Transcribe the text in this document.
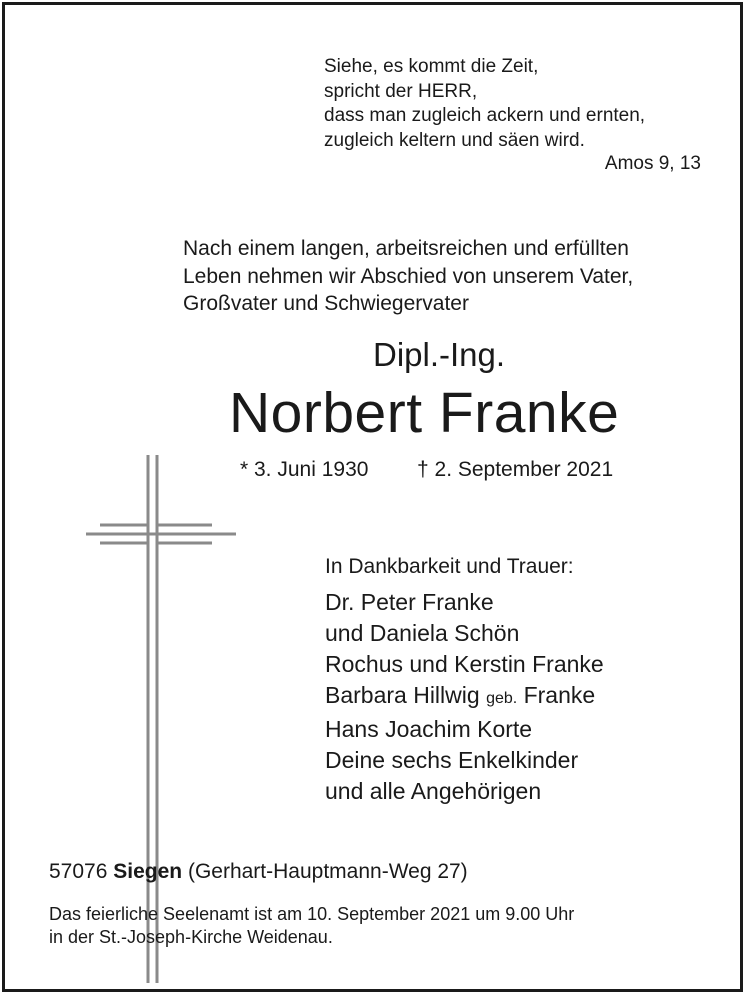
Siehe, es kommt die Zeit,
spricht der HERR,
dass man zugleich ackern und ernten,
zugleich keltern und säen wird.
Amos 9, 13
Nach einem langen, arbeitsreichen und erfüllten
Leben nehmen wir Abschied von unserem Vater,
Großvater und Schwiegervater
Dipl.-Ing.
Norbert Franke
* 3. Juni 1930 † 2. September 2021
In Dankbarkeit und Trauer:
Dr. Peter Franke
und Daniela Schön
Rochus und Kerstin Franke
Barbara Hillwig geb. Franke
Hans Joachim Korte
Deine sechs Enkelkinder
und alle Angehörigen
57076 Siegen (Gerhart-Hauptmann-Weg 27)
Das feierliche Seelenamt ist am 10. September 2021 um 9.00 Uhr
in der St.-Joseph-Kirche Weidenau.
